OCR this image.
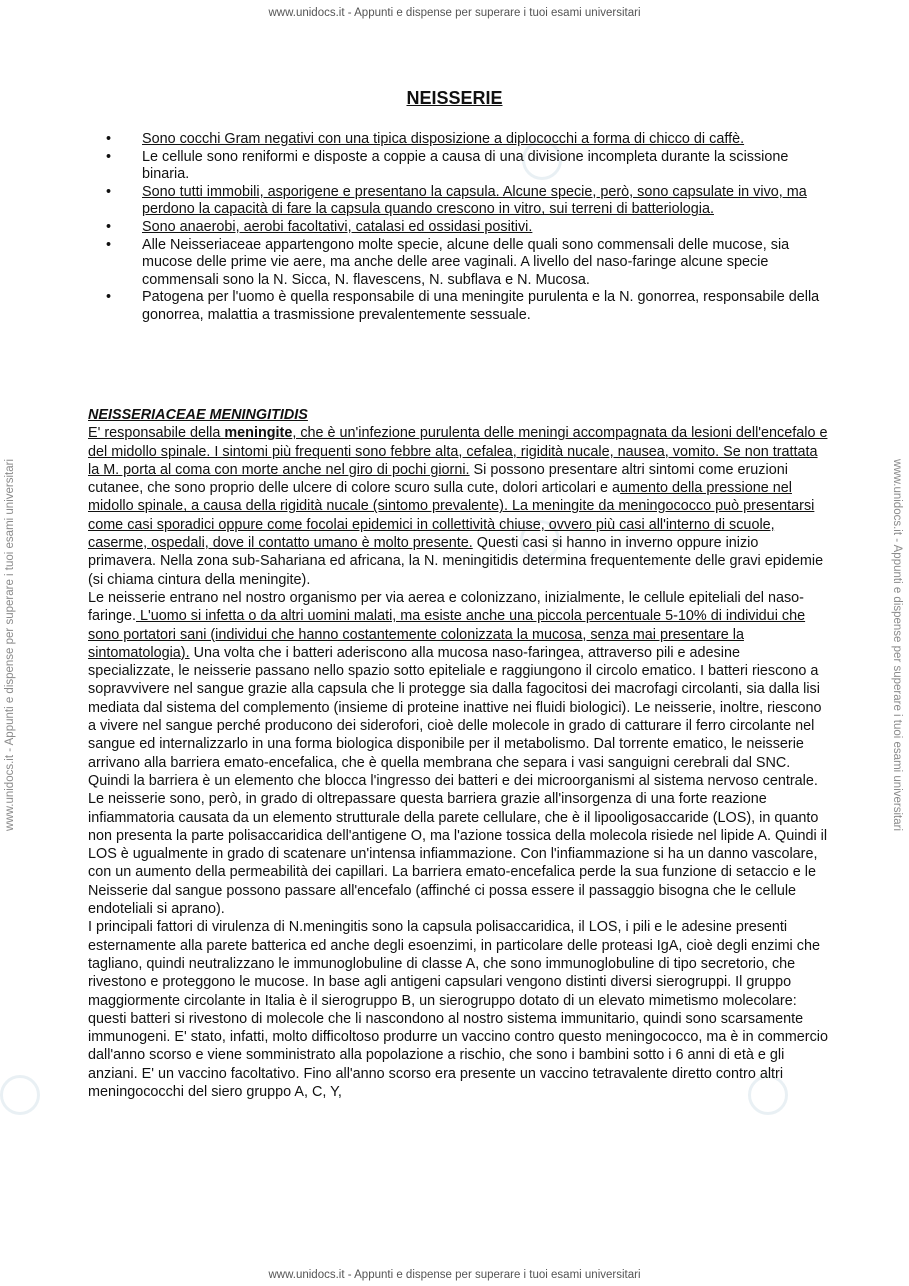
www.unidocs.it - Appunti e dispense per superare i tuoi esami universitari
www.unidocs.it - Appunti e dispense per superare i tuoi esami universitari	www.unidocs.it - Appunti e dispense per superare i tuoi esami universitari
NEISSERIE
• Sono cocchi Gram negativi con una tipica disposizione a diplococchi a forma di chicco di caffè.
• Le cellule sono reniformi e disposte a coppie a causa di una divisione incompleta durante la scissione binaria.
• Sono tutti immobili, asporigene e presentano la capsula. Alcune specie, però, sono capsulate in vivo, ma perdono la capacità di fare la capsula quando crescono in vitro, sui terreni di batteriologia.
• Sono anaerobi, aerobi facoltativi, catalasi ed ossidasi positivi.
• Alle Neisseriaceae appartengono molte specie, alcune delle quali sono commensali delle mucose, sia mucose delle prime vie aere, ma anche delle aree vaginali. A livello del naso-faringe alcune specie commensali sono la N. Sicca, N. flavescens, N. subflava e N. Mucosa.
• Patogena per l'uomo è quella responsabile di una meningite purulenta e la N. gonorrea, responsabile della gonorrea, malattia a trasmissione prevalentemente sessuale.
NEISSERIACEAE MENINGITIDIS

E' responsabile della meningite, che è un'infezione purulenta delle meningi accompagnata da lesioni dell'encefalo e del midollo spinale. I sintomi più frequenti sono febbre alta, cefalea, rigidità nucale, nausea, vomito. Se non trattata la M. porta al coma con morte anche nel giro di pochi giorni. Si possono presentare altri sintomi come eruzioni cutanee, che sono proprio delle ulcere di colore scuro sulla cute, dolori articolari e aumento della pressione nel midollo spinale, a causa della rigidità nucale (sintomo prevalente). La meningite da meningococco può presentarsi come casi sporadici oppure come focolai epidemici in collettività chiuse, ovvero più casi all'interno di scuole, caserme, ospedali, dove il contatto umano è molto presente. Questi casi si hanno in inverno oppure inizio primavera. Nella zona sub-Sahariana ed africana, la N. meningitidis determina frequentemente delle gravi epidemie (si chiama cintura della meningite).

Le neisserie entrano nel nostro organismo per via aerea e colonizzano, inizialmente, le cellule epiteliali del naso-faringe. L'uomo si infetta o da altri uomini malati, ma esiste anche una piccola percentuale 5-10% di individui che sono portatori sani (individui che hanno costantemente colonizzata la mucosa, senza mai presentare la sintomatologia). Una volta che i batteri aderiscono alla mucosa naso-faringea, attraverso pili e adesine specializzate, le neisserie passano nello spazio sotto epiteliale e raggiungono il circolo ematico. I batteri riescono a sopravvivere nel sangue grazie alla capsula che li protegge sia dalla fagocitosi dei macrofagi circolanti, sia dalla lisi mediata dal sistema del complemento (insieme di proteine inattive nei fluidi biologici). Le neisserie, inoltre, riescono a vivere nel sangue perché producono dei siderofori, cioè delle molecole in grado di catturare il ferro circolante nel sangue ed internalizzarlo in una forma biologica disponibile per il metabolismo. Dal torrente ematico, le neisserie arrivano alla barriera emato-encefalica, che è quella membrana che separa i vasi sanguigni cerebrali dal SNC. Quindi la barriera è un elemento che blocca l'ingresso dei batteri e dei microorganismi al sistema nervoso centrale. Le neisserie sono, però, in grado di oltrepassare questa barriera grazie all'insorgenza di una forte reazione infiammatoria causata da un elemento strutturale della parete cellulare, che è il lipooligosaccaride (LOS), in quanto non presenta la parte polisaccaridica dell'antigene O, ma l'azione tossica della molecola risiede nel lipide A. Quindi il LOS è ugualmente in grado di scatenare un'intensa infiammazione. Con l'infiammazione si ha un danno vascolare, con un aumento della permeabilità dei capillari. La barriera emato-encefalica perde la sua funzione di setaccio e le Neisserie dal sangue possono passare all'encefalo (affinché ci possa essere il passaggio bisogna che le cellule endoteliali si aprano).

I principali fattori di virulenza di N.meningitis sono la capsula polisaccaridica, il LOS, i pili e le adesine presenti esternamente alla parete batterica ed anche degli esoenzimi, in particolare delle proteasi IgA, cioè degli enzimi che tagliano, quindi neutralizzano le immunoglobuline di classe A, che sono immunoglobuline di tipo secretorio, che rivestono e proteggono le mucose. In base agli antigeni capsulari vengono distinti diversi sierogruppi. Il gruppo maggiormente circolante in Italia è il sierogruppo B, un sierogruppo dotato di un elevato mimetismo molecolare: questi batteri si rivestono di molecole che li nascondono al nostro sistema immunitario, quindi sono scarsamente immunogeni. E' stato, infatti, molto difficoltoso produrre un vaccino contro questo meningococco, ma è in commercio dall'anno scorso e viene somministrato alla popolazione a rischio, che sono i bambini sotto i 6 anni di età e gli anziani. E' un vaccino facoltativo. Fino all'anno scorso era presente un vaccino tetravalente diretto contro altri meningococchi del siero gruppo A, C, Y,

www.unidocs.it - Appunti e dispense per superare i tuoi esami universitari
